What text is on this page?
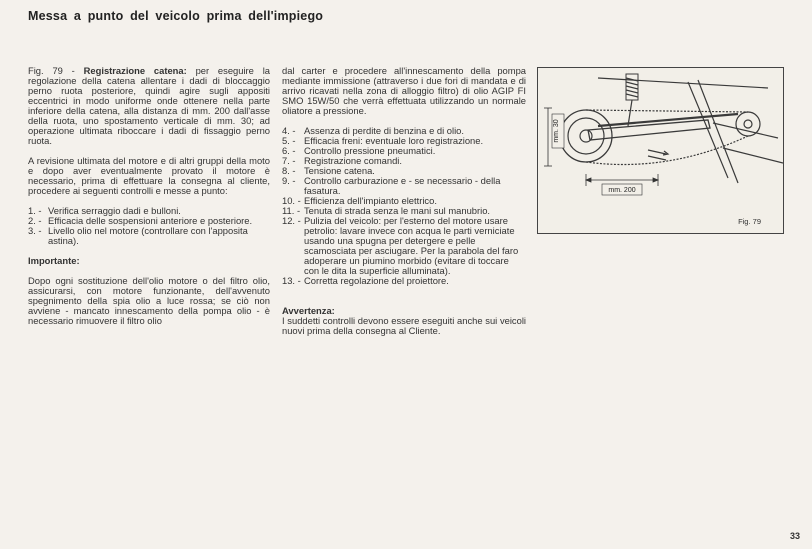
Messa a punto del veicolo prima dell'impiego

Fig. 79 - Registrazione catena: per eseguire la regolazione della catena allentare i dadi di bloccaggio perno ruota posteriore, quindi agire sugli appositi eccentrici in modo uniforme onde ottenere nella parte inferiore della catena, alla distanza di mm. 200 dall'asse della ruota, uno spostamento verticale di mm. 30; ad operazione ultimata riboccare i dadi di fissaggio perno ruota.

A revisione ultimata del motore e di altri gruppi della moto e dopo aver eventualmente provato il motore è necessario, prima di effettuare la consegna al cliente, procedere ai seguenti controlli e messe a punto:

1. - Verifica serraggio dadi e bulloni.
2. - Efficacia delle sospensioni anteriore e posteriore.
3. - Livello olio nel motore (controllare con l'apposita astina).

Importante:

Dopo ogni sostituzione dell'olio motore o del filtro olio, assicurarsi, con motore funzionante, dell'avvenuto spegnimento della spia olio a luce rossa; se ciò non avviene - mancato innescamento della pompa olio - è necessario rimuovere il filtro olio

dal carter e procedere all'innescamento della pompa mediante immissione (attraverso i due fori di mandata e di arrivo ricavati nella zona di alloggio filtro) di olio AGIP FI SMO 15W/50 che verrà effettuata utilizzando un normale oliatore a pressione.

4. - Assenza di perdite di benzina e di olio.
5. - Efficacia freni: eventuale loro registrazione.
6. - Controllo pressione pneumatici.
7. - Registrazione comandi.
8. - Tensione catena.
9. - Controllo carburazione e - se necessario - della fasatura.
10. - Efficienza dell'impianto elettrico.
11. - Tenuta di strada senza le mani sul manubrio.
12. - Pulizia del veicolo: per l'esterno del motore usare petrolio: lavare invece con acqua le parti verniciate usando una spugna per detergere e pelle scamosciata per asciugare. Per la parabola del faro adoperare un piumino morbido (evitare di toccare con le dita la superficie alluminata).
13. - Corretta regolazione del proiettore.

Avvertenza:

I suddetti controlli devono essere eseguiti anche sui veicoli nuovi prima della consegna al Cliente.

mm. 30
mm. 200
Fig. 79
33
